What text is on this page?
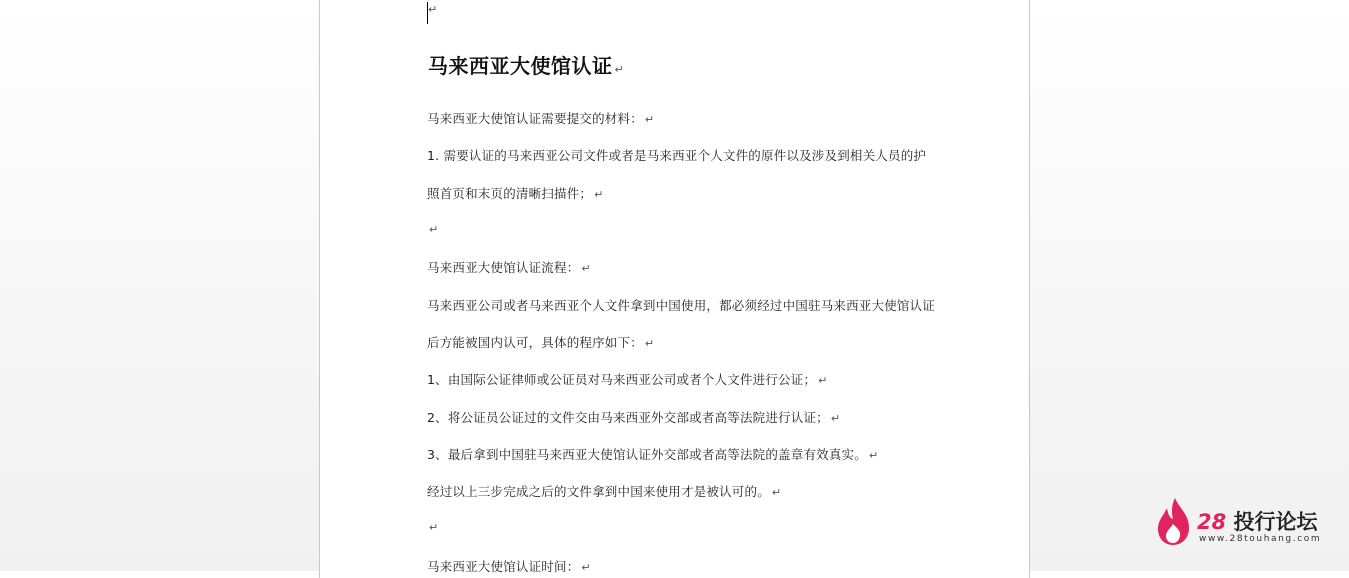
↵
马来西亚大使馆认证 ↵
马来西亚大使馆认证需要提交的材料： ↵
1. 需要认证的马来西亚公司文件或者是马来西亚个人文件的原件以及涉及到相关人员的护
照首页和末页的清晰扫描件； ↵
↵
马来西亚大使馆认证流程： ↵
马来西亚公司或者马来西亚个人文件拿到中国使用，都必须经过中国驻马来西亚大使馆认证
后方能被国内认可，具体的程序如下： ↵
1、由国际公证律师或公证员对马来西亚公司或者个人文件进行公证； ↵
2、将公证员公证过的文件交由马来西亚外交部或者高等法院进行认证； ↵
3、最后拿到中国驻马来西亚大使馆认证外交部或者高等法院的盖章有效真实。 ↵
经过以上三步完成之后的文件拿到中国来使用才是被认可的。 ↵
↵
马来西亚大使馆认证时间： ↵
28 投行论坛
www.28touhang.com
